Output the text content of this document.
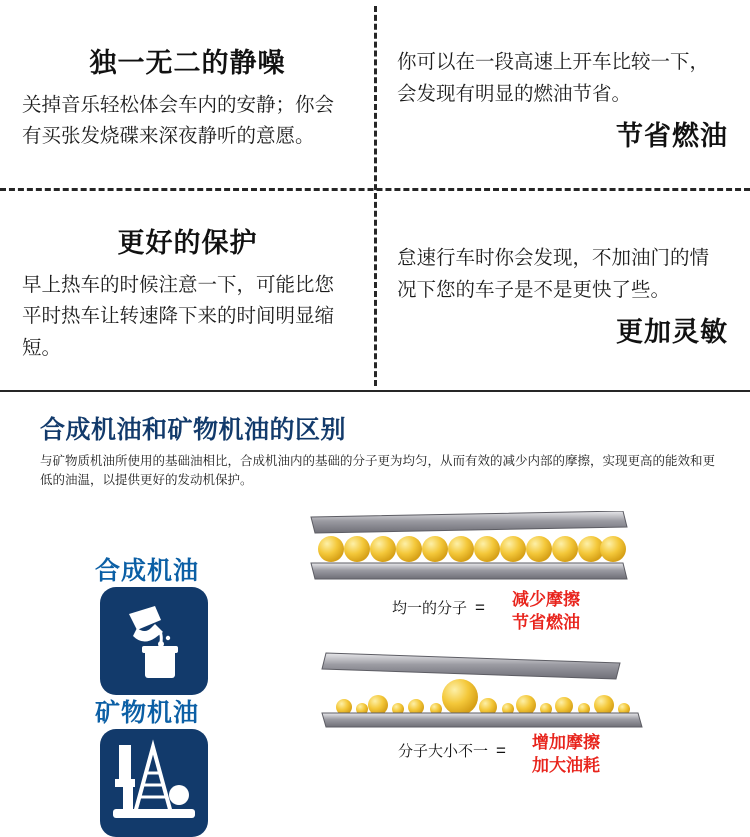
独一无二的静噪
关掉音乐轻松体会车内的安静；你会有买张发烧碟来深夜静听的意愿。
你可以在一段高速上开车比较一下，会发现有明显的燃油节省。
节省燃油
更好的保护
早上热车的时候注意一下，可能比您平时热车让转速降下来的时间明显缩短。
怠速行车时你会发现，不加油门的情况下您的车子是不是更快了些。
更加灵敏
合成机油和矿物机油的区别
与矿物质机油所使用的基础油相比，合成机油内的基础的分子更为均匀，从而有效的减少内部的摩擦，实现更高的能效和更低的油温，以提供更好的发动机保护。
合成机油
矿物机油
均一的分子 =	减少摩擦
节省燃油
分子大小不一 =	增加摩擦
加大油耗
